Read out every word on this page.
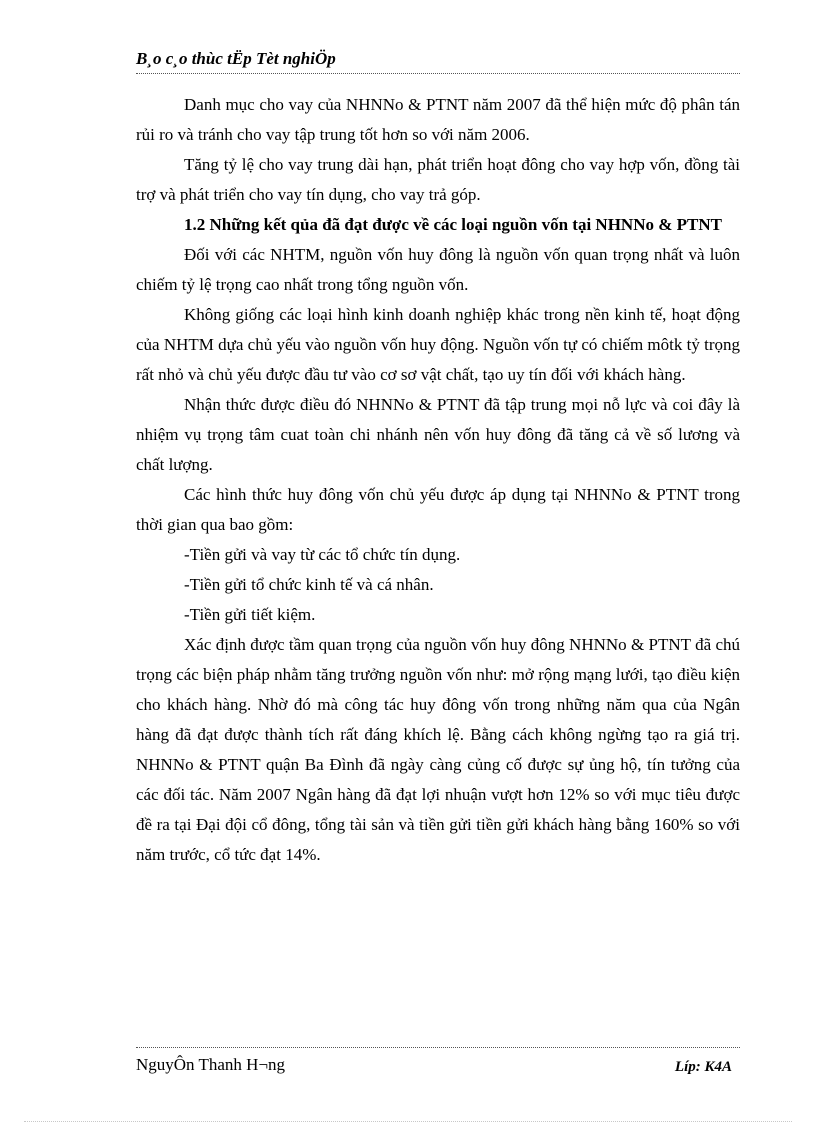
B¸o c¸o thùc tËp Tèt nghiÖp

Danh mục cho vay của NHNNo & PTNT năm 2007 đã thể hiện mức độ phân tán rủi ro và tránh cho vay tập trung tốt hơn so với năm 2006.

Tăng tỷ lệ cho vay trung dài hạn, phát triển hoạt đông cho vay hợp vốn, đồng tài trợ và phát triển cho vay tín dụng, cho vay trả góp.

1.2 Những kết qủa đã đạt được về các loại nguồn vốn tại NHNNo & PTNT

Đối với các NHTM, nguồn vốn huy đông là nguồn vốn quan trọng nhất và luôn chiếm tỷ lệ trọng cao nhất trong tổng nguồn vốn.

Không giống các loại hình kinh doanh nghiệp khác trong nền kinh tế, hoạt động của NHTM dựa chủ yếu vào nguồn vốn huy động. Nguồn vốn tự có chiếm môtk tỷ trọng rất nhỏ và chủ yếu được đầu tư vào cơ sơ vật chất, tạo uy tín đối với khách hàng.

Nhận thức được điều đó NHNNo & PTNT đã tập trung mọi nỗ lực và coi đây là nhiệm vụ trọng tâm cuat toàn chi nhánh nên vốn huy đông đã tăng cả về số lương và chất lượng.

Các hình thức huy đông vốn chủ yếu được áp dụng tại NHNNo & PTNT trong thời gian qua bao gồm:

-Tiền gửi và vay từ các tổ chức tín dụng.

-Tiền gửi tổ chức kinh tế và cá nhân.

-Tiền gửi tiết kiệm.

Xác định được tầm quan trọng của nguồn vốn huy đông NHNNo & PTNT đã chú trọng các biện pháp nhằm tăng trưởng nguồn vốn như: mở rộng mạng lưới, tạo điều kiện cho khách hàng. Nhờ đó mà công tác huy đông vốn trong những năm qua của Ngân hàng đã đạt được thành tích rất đáng khích lệ. Bằng cách không ngừng tạo ra giá trị. NHNNo & PTNT quận Ba Đình đã ngày càng củng cố được sự ủng hộ, tín tưởng của các đối tác. Năm 2007 Ngân hàng đã đạt lợi nhuận vượt hơn 12% so với mục tiêu được đề ra tại Đại đội cổ đông, tổng tài sản và tiền gửi tiền gửi khách hàng bằng 160% so với năm trước, cổ tức đạt 14%.

NguyÔn Thanh H¬ng	Líp: K4A
